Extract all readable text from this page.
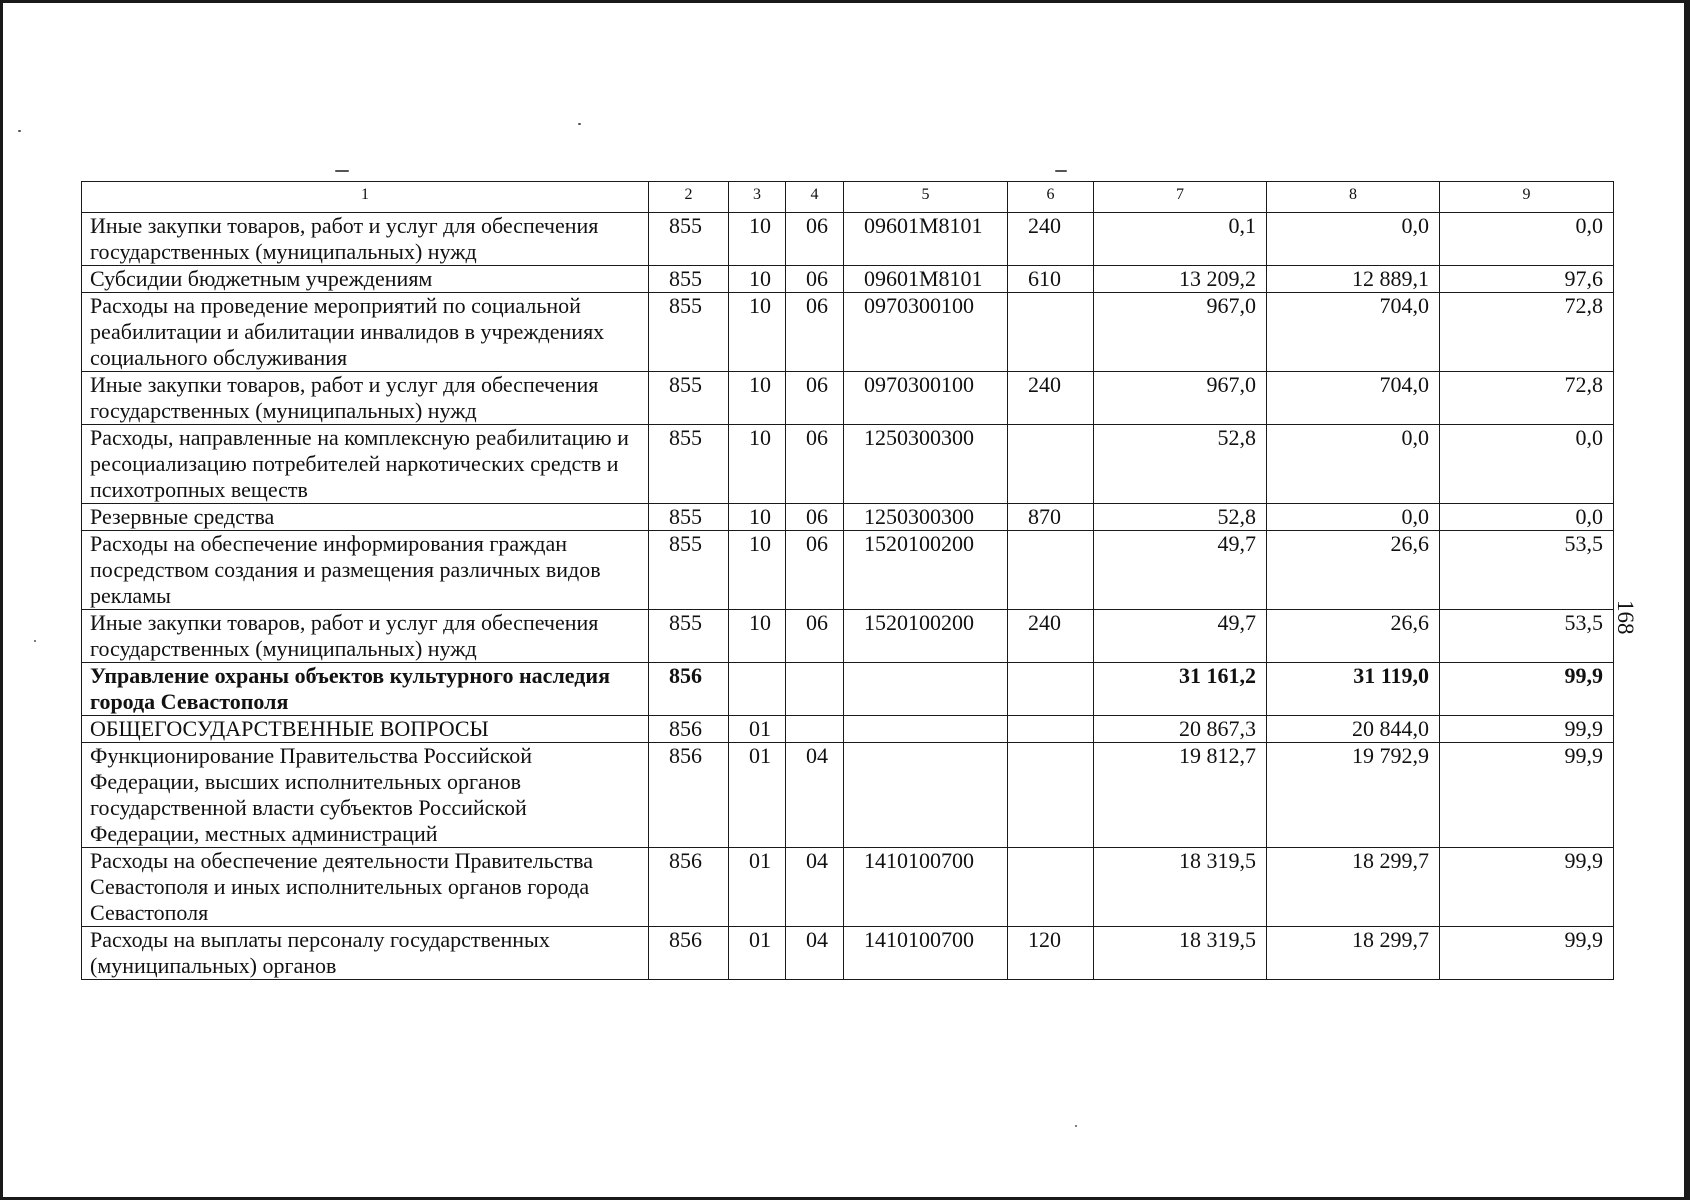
168
1	2	3	4	5	6	7	8	9
Иные закупки товаров, работ и услуг для обеспечения государственных (муниципальных) нужд	855	10	06	09601M8101	240	0,1	0,0	0,0
Субсидии бюджетным учреждениям	855	10	06	09601M8101	610	13 209,2	12 889,1	97,6
Расходы на проведение мероприятий по социальной реабилитации и абилитации инвалидов в учреждениях социального обслуживания	855	10	06	0970300100		967,0	704,0	72,8
Иные закупки товаров, работ и услуг для обеспечения государственных (муниципальных) нужд	855	10	06	0970300100	240	967,0	704,0	72,8
Расходы, направленные на комплексную реабилитацию и ресоциализацию потребителей наркотических средств и психотропных веществ	855	10	06	1250300300		52,8	0,0	0,0
Резервные средства	855	10	06	1250300300	870	52,8	0,0	0,0
Расходы на обеспечение информирования граждан посредством создания и размещения различных видов рекламы	855	10	06	1520100200		49,7	26,6	53,5
Иные закупки товаров, работ и услуг для обеспечения государственных (муниципальных) нужд	855	10	06	1520100200	240	49,7	26,6	53,5
Управление охраны объектов культурного наследия города Севастополя	856					31 161,2	31 119,0	99,9
ОБЩЕГОСУДАРСТВЕННЫЕ ВОПРОСЫ	856	01				20 867,3	20 844,0	99,9
Функционирование Правительства Российской Федерации, высших исполнительных органов государственной власти субъектов Российской Федерации, местных администраций	856	01	04			19 812,7	19 792,9	99,9
Расходы на обеспечение деятельности Правительства Севастополя и иных исполнительных органов города Севастополя	856	01	04	1410100700		18 319,5	18 299,7	99,9
Расходы на выплаты персоналу государственных (муниципальных) органов	856	01	04	1410100700	120	18 319,5	18 299,7	99,9
